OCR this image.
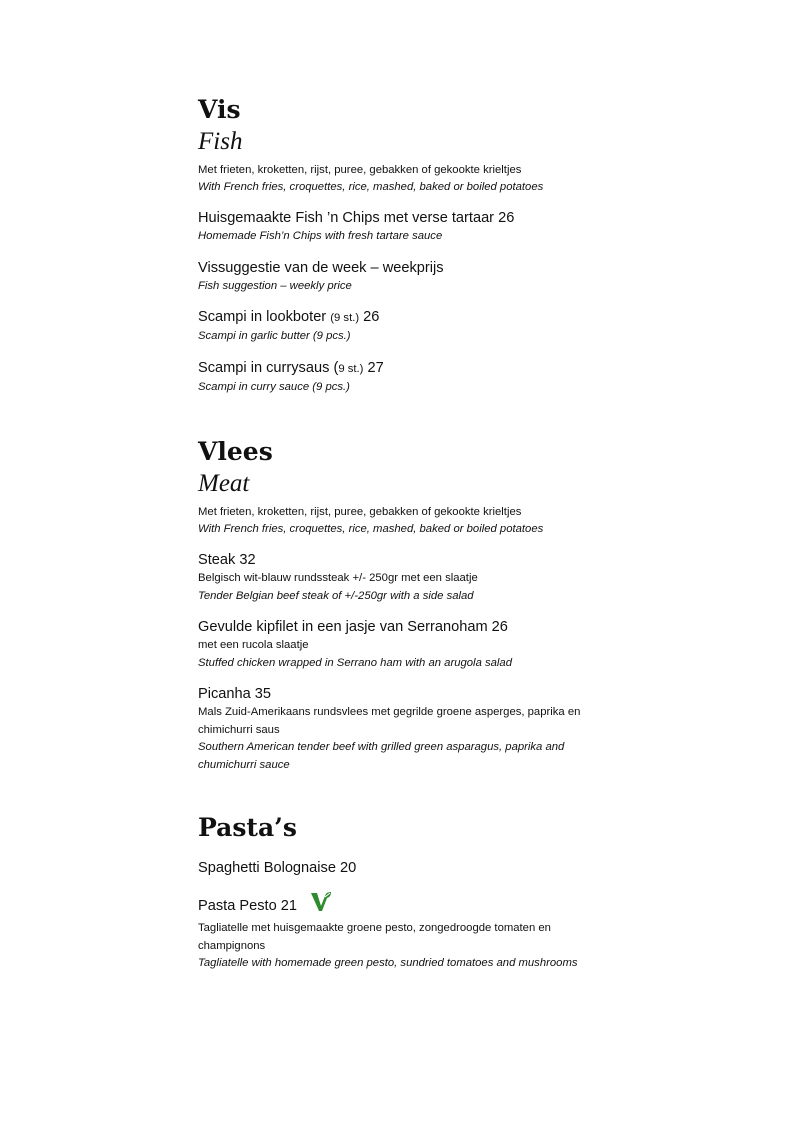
Vis
Fish

Met frieten, kroketten, rijst, puree, gebakken of gekookte krieltjes

With French fries, croquettes, rice, mashed, baked or boiled potatoes

Huisgemaakte Fish ’n Chips met verse tartaar 26

Homemade Fish’n Chips with fresh tartare sauce

Vissuggestie van de week – weekprijs

Fish suggestion – weekly price

Scampi in lookboter (9 st.) 26

Scampi in garlic butter (9 pcs.)

Scampi in currysaus (9 st.) 27

Scampi in curry sauce (9 pcs.)

Vlees
Meat

Met frieten, kroketten, rijst, puree, gebakken of gekookte krieltjes

With French fries, croquettes, rice, mashed, baked or boiled potatoes

Steak 32

Belgisch wit-blauw rundssteak +/- 250gr met een slaatje

Tender Belgian beef steak of +/-250gr with a side salad

Gevulde kipfilet in een jasje van Serranoham 26

met een rucola slaatje

Stuffed chicken wrapped in Serrano ham with an arugola salad

Picanha 35

Mals Zuid-Amerikaans rundsvlees met gegrilde groene asperges, paprika en chimichurri saus

Southern American tender beef with grilled green asparagus, paprika and chumichurri sauce

Pasta’s

Spaghetti Bolognaise 20

Pasta Pesto 21

Tagliatelle met huisgemaakte groene pesto, zongedroogde tomaten en champignons

Tagliatelle with homemade green pesto, sundried tomatoes and mushrooms
